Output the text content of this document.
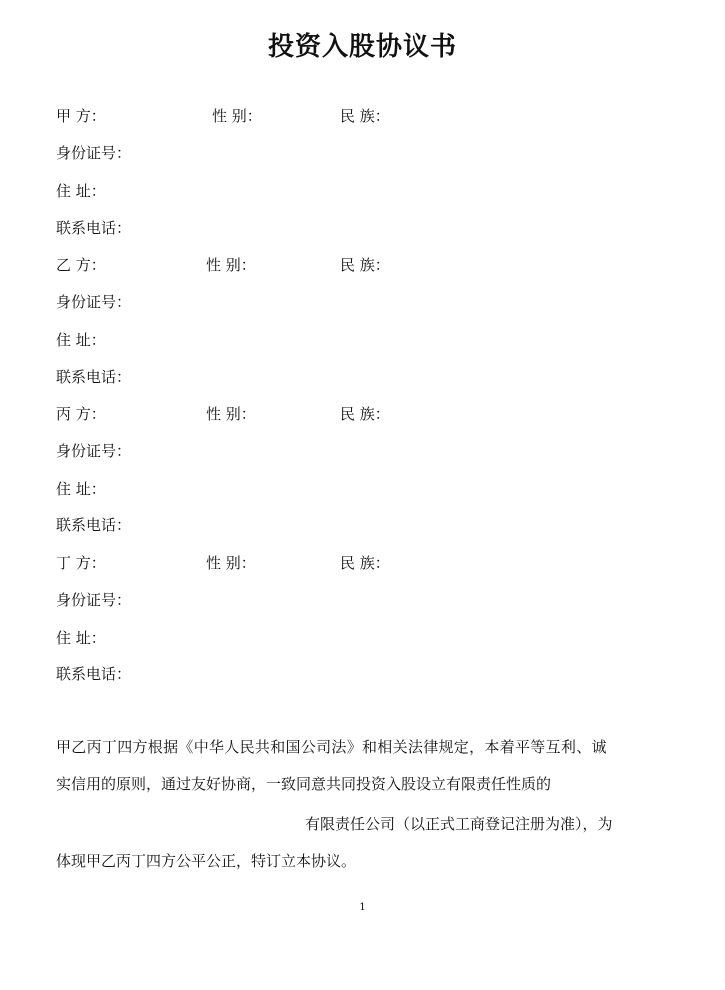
投资入股协议书
甲 方：	性 别：	民 族：
身份证号：
住 址：
联系电话：
乙 方：	性 别：	民 族：
身份证号：
住 址：
联系电话：
丙 方：	性 别：	民 族：
身份证号：
住 址：
联系电话：
丁 方：	性 别：	民 族：
身份证号：
住 址：
联系电话：
甲乙丙丁四方根据《中华人民共和国公司法》和相关法律规定，本着平等互利、诚
实信用的原则，通过友好协商，一致同意共同投资入股设立有限责任性质的
有限责任公司（以正式工商登记注册为准），为
体现甲乙丙丁四方公平公正，特订立本协议。
1
